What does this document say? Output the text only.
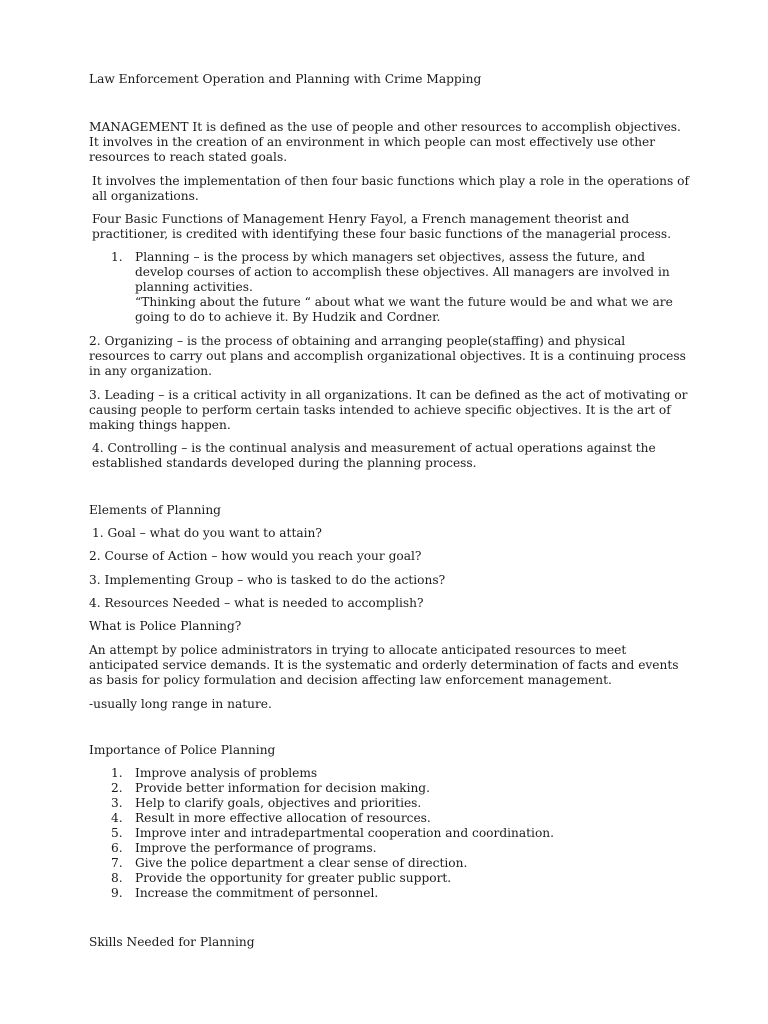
Law Enforcement Operation and Planning with Crime Mapping

MANAGEMENT It is defined as the use of people and other resources to accomplish objectives. It involves in the creation of an environment in which people can most effectively use other resources to reach stated goals.

It involves the implementation of then four basic functions which play a role in the operations of all organizations.

Four Basic Functions of Management Henry Fayol, a French management theorist and practitioner, is credited with identifying these four basic functions of the managerial process.

1. Planning – is the process by which managers set objectives, assess the future, and develop courses of action to accomplish these objectives. All managers are involved in planning activities.

“Thinking about the future “ about what we want the future would be and what we are going to do to achieve it. By Hudzik and Cordner.

2. Organizing – is the process of obtaining and arranging people(staffing) and physical resources to carry out plans and accomplish organizational objectives. It is a continuing process in any organization.

3. Leading – is a critical activity in all organizations. It can be defined as the act of motivating or causing people to perform certain tasks intended to achieve specific objectives. It is the art of making things happen.

4. Controlling – is the continual analysis and measurement of actual operations against the established standards developed during the planning process.

Elements of Planning

1. Goal – what do you want to attain?

2. Course of Action – how would you reach your goal?

3. Implementing Group – who is tasked to do the actions?

4. Resources Needed – what is needed to accomplish?

What is Police Planning?

An attempt by police administrators in trying to allocate anticipated resources to meet anticipated service demands. It is the systematic and orderly determination of facts and events as basis for policy formulation and decision affecting law enforcement management.

-usually long range in nature.

Importance of Police Planning

1. Improve analysis of problems

2. Provide better information for decision making.

3. Help to clarify goals, objectives and priorities.

4. Result in more effective allocation of resources.

5. Improve inter and intradepartmental cooperation and coordination.

6. Improve the performance of programs.

7. Give the police department a clear sense of direction.

8. Provide the opportunity for greater public support.

9. Increase the commitment of personnel.

Skills Needed for Planning
